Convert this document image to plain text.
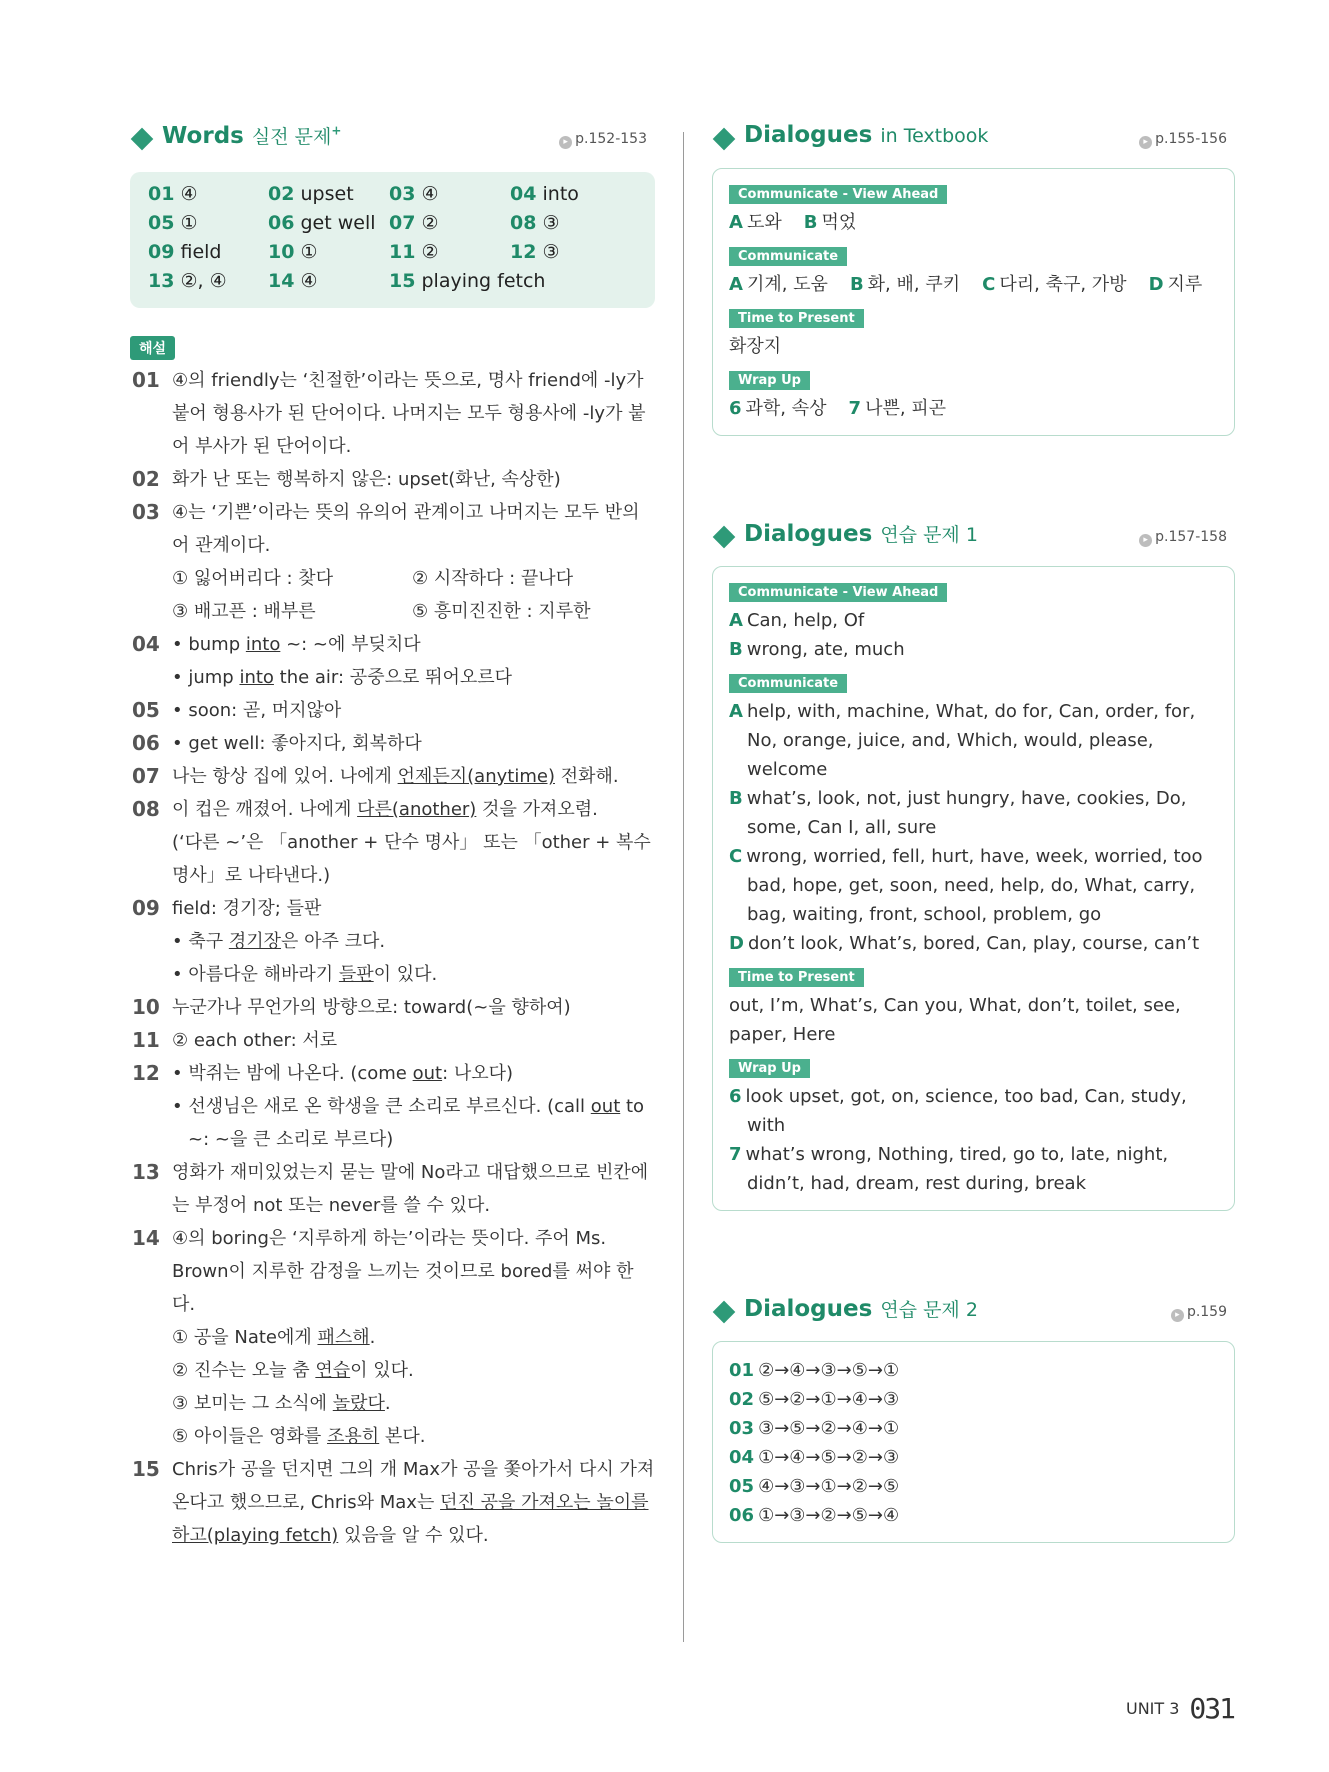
Words 실전 문제+
▸ p.152-153
01 ④	02 upset	03 ④	04 into
05 ①	06 get well 07 ②	08 ③
09 field	10 ①	11 ②	12 ③
13 ②, ④	14 ④	15 playing fetch
해설
01 ④의 friendly는 ‘친절한’이라는 뜻으로, 명사 friend에 -ly가 붙어 형용사가 된 단어이다. 나머지는 모두 형용사에 -ly가 붙어 부사가 된 단어이다.
02 화가 난 또는 행복하지 않은: upset(화난, 속상한)
03 ④는 ‘기쁜’이라는 뜻의 유의어 관계이고 나머지는 모두 반의어 관계이다.
① 잃어버리다 : 찾다	② 시작하다 : 끝나다
③ 배고픈 : 배부른	⑤ 흥미진진한 : 지루한
04 • bump into ~: ~에 부딪치다
• jump into the air: 공중으로 뛰어오르다
05 • soon: 곧, 머지않아
06 • get well: 좋아지다, 회복하다
07 나는 항상 집에 있어. 나에게 언제든지(anytime) 전화해.
08 이 컵은 깨졌어. 나에게 다른(another) 것을 가져오렴.
(‘다른 ~’은 「another + 단수 명사」 또는 「other + 복수 명사」로 나타낸다.)
09 field: 경기장; 들판
• 축구 경기장은 아주 크다.
• 아름다운 해바라기 들판이 있다.
10 누군가나 무언가의 방향으로: toward(~을 향하여)
11 ② each other: 서로
12 • 박쥐는 밤에 나온다. (come out: 나오다)
• 선생님은 새로 온 학생을 큰 소리로 부르신다. (call out to ~: ~을 큰 소리로 부르다)
13 영화가 재미있었는지 묻는 말에 No라고 대답했으므로 빈칸에는 부정어 not 또는 never를 쓸 수 있다.
14 ④의 boring은 ‘지루하게 하는’이라는 뜻이다. 주어 Ms. Brown이 지루한 감정을 느끼는 것이므로 bored를 써야 한다.
① 공을 Nate에게 패스해.
② 진수는 오늘 춤 연습이 있다.
③ 보미는 그 소식에 놀랐다.
⑤ 아이들은 영화를 조용히 본다.
15 Chris가 공을 던지면 그의 개 Max가 공을 쫓아가서 다시 가져온다고 했으므로, Chris와 Max는 던진 공을 가져오는 놀이를 하고(playing fetch) 있음을 알 수 있다.
Dialogues in Textbook	▸ p.155-156
Communicate - View Ahead
A 도와 B 먹었
Communicate
A 기계, 도움 B 화, 배, 쿠키 C 다리, 축구, 가방 D 지루
Time to Present
화장지
Wrap Up
6 과학, 속상 7 나쁜, 피곤
Dialogues 연습 문제 1	▸ p.157-158
Communicate - View Ahead
A Can, help, Of
B wrong, ate, much
Communicate
A help, with, machine, What, do for, Can, order, for, No, orange, juice, and, Which, would, please, welcome
B what’s, look, not, just hungry, have, cookies, Do, some, Can I, all, sure
C wrong, worried, fell, hurt, have, week, worried, too bad, hope, get, soon, need, help, do, What, carry, bag, waiting, front, school, problem, go
D don’t look, What’s, bored, Can, play, course, can’t
Time to Present
out, I’m, What’s, Can you, What, don’t, toilet, see, paper, Here
Wrap Up
6 look upset, got, on, science, too bad, Can, study, with
7 what’s wrong, Nothing, tired, go to, late, night, didn’t, had, dream, rest during, break
Dialogues 연습 문제 2	▸ p.159
01 ②→④→③→⑤→①
02 ⑤→②→①→④→③
03 ③→⑤→②→④→①
04 ①→④→⑤→②→③
05 ④→③→①→②→⑤
06 ①→③→②→⑤→④
UNIT 3 031
